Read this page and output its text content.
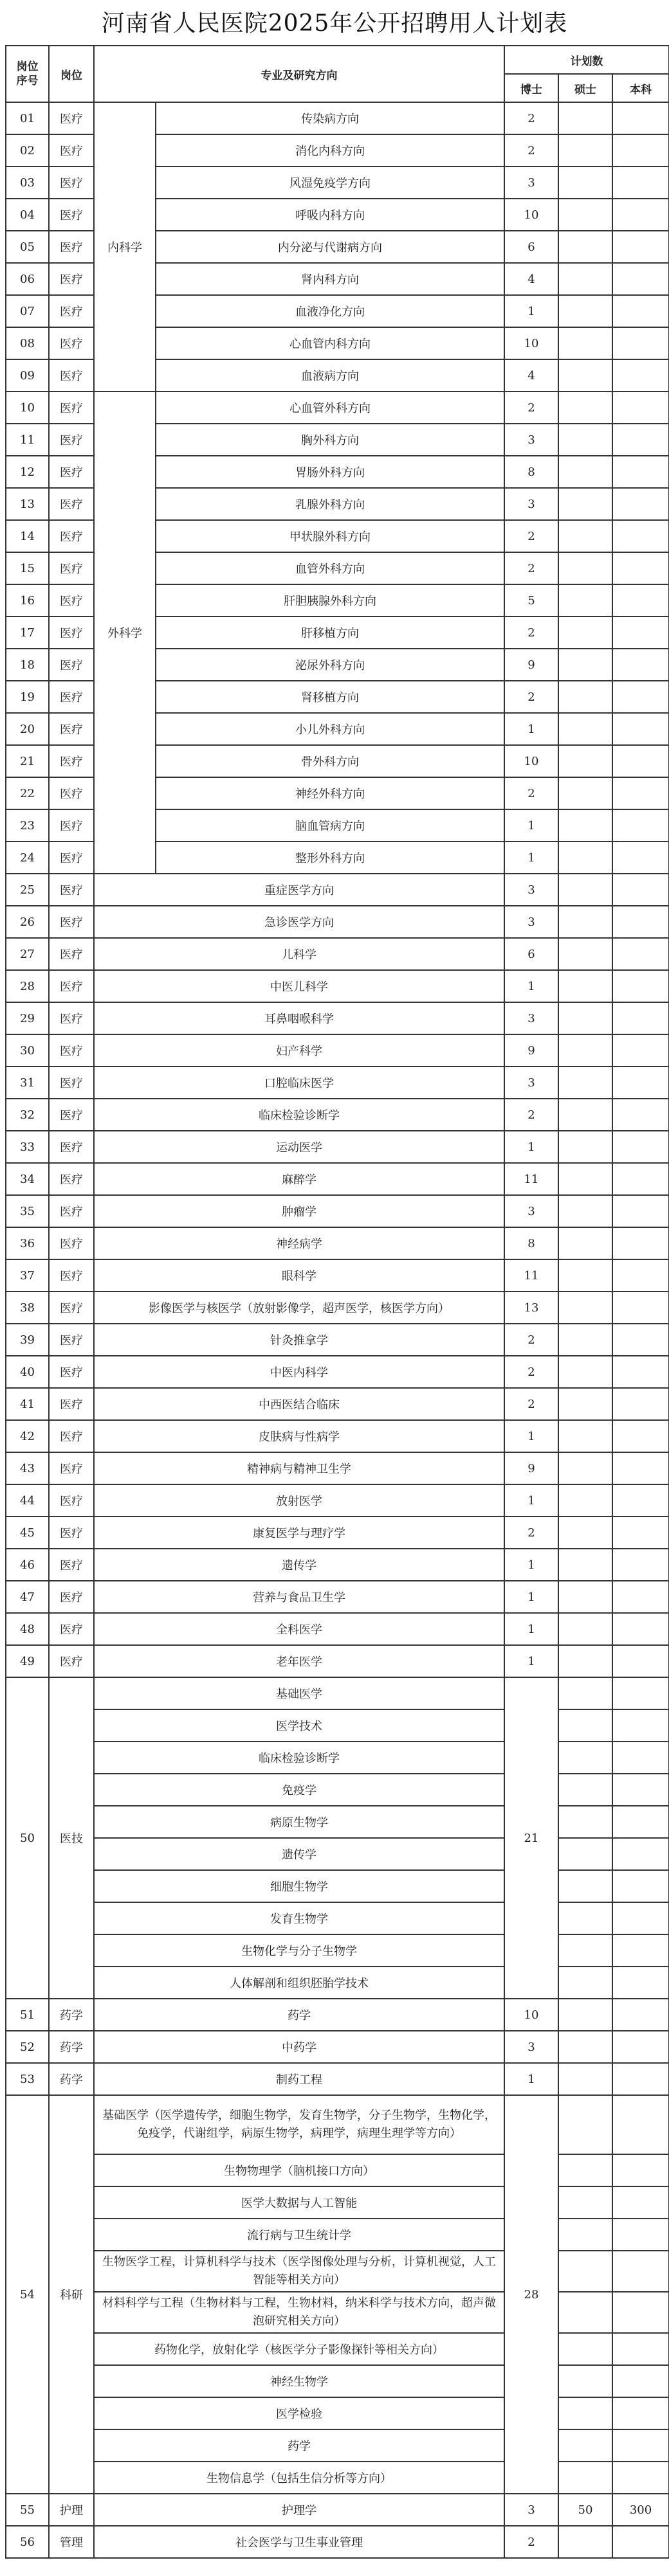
河南省人民医院2025年公开招聘用人计划表
岗位
序号	岗位	专业及研究方向		计划数		
				博士	硕士	本科
01	医疗	内科学	传染病方向	2		
02	医疗		消化内科方向	2		
03	医疗		风湿免疫学方向	3		
04	医疗		呼吸内科方向	10		
05	医疗		内分泌与代谢病方向	6		
06	医疗		肾内科方向	4		
07	医疗		血液净化方向	1		
08	医疗		心血管内科方向	10		
09	医疗		血液病方向	4		
10	医疗	外科学	心血管外科方向	2		
11	医疗		胸外科方向	3		
12	医疗		胃肠外科方向	8		
13	医疗		乳腺外科方向	3		
14	医疗		甲状腺外科方向	2		
15	医疗		血管外科方向	2		
16	医疗		肝胆胰腺外科方向	5		
17	医疗		肝移植方向	2		
18	医疗		泌尿外科方向	9		
19	医疗		肾移植方向	2		
20	医疗		小儿外科方向	1		
21	医疗		骨外科方向	10		
22	医疗		神经外科方向	2		
23	医疗		脑血管病方向	1		
24	医疗		整形外科方向	1		
25	医疗	重症医学方向		3		
26	医疗	急诊医学方向		3		
27	医疗	儿科学		6		
28	医疗	中医儿科学		1		
29	医疗	耳鼻咽喉科学		3		
30	医疗	妇产科学		9		
31	医疗	口腔临床医学		3		
32	医疗	临床检验诊断学		2		
33	医疗	运动医学		1		
34	医疗	麻醉学		11		
35	医疗	肿瘤学		3		
36	医疗	神经病学		8		
37	医疗	眼科学		11		
38	医疗	影像医学与核医学（放射影像学，超声医学，核医学方向）		13		
39	医疗	针灸推拿学		2		
40	医疗	中医内科学		2		
41	医疗	中西医结合临床		2		
42	医疗	皮肤病与性病学		1		
43	医疗	精神病与精神卫生学		9		
44	医疗	放射医学		1		
45	医疗	康复医学与理疗学		2		
46	医疗	遗传学		1		
47	医疗	营养与食品卫生学		1		
48	医疗	全科医学		1		
49	医疗	老年医学		1		
50	医技	基础医学		21		
		医学技术				
		临床检验诊断学				
		免疫学				
		病原生物学				
		遗传学				
		细胞生物学				
		发育生物学				
		生物化学与分子生物学				
		人体解剖和组织胚胎学技术				
51	药学	药学		10		
52	药学	中药学		3		
53	药学	制药工程		1		
54	科研	基础医学（医学遗传学，细胞生物学，发育生物学，分子生物学，生物化学，免疫学，代谢组学，病原生物学，病理学，病理生理学等方向）		28		
		生物物理学（脑机接口方向）				
		医学大数据与人工智能				
		流行病与卫生统计学				
		生物医学工程，计算机科学与技术（医学图像处理与分析，计算机视觉，人工智能等相关方向）				
		材料科学与工程（生物材料与工程，生物材料，纳米科学与技术方向，超声微泡研究相关方向）				
		药物化学，放射化学（核医学分子影像探针等相关方向）				
		神经生物学				
		医学检验				
		药学				
		生物信息学（包括生信分析等方向）				
55	护理	护理学		3	50	300
56	管理	社会医学与卫生事业管理		2		
